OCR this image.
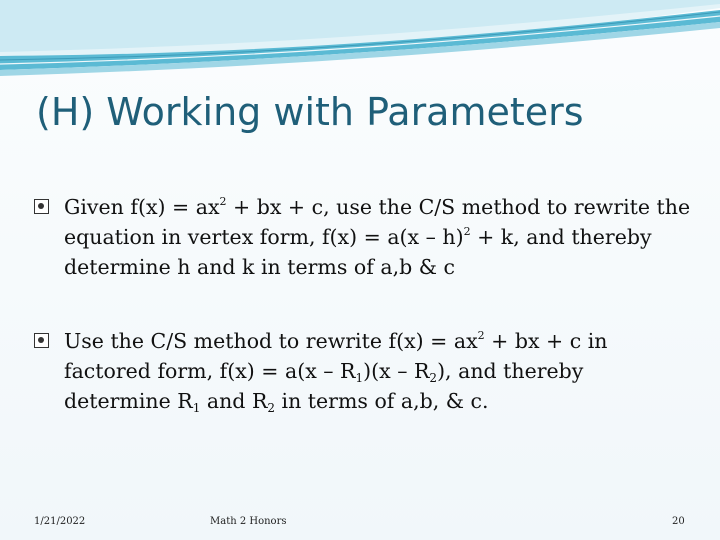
(H) Working with Parameters
Given $f(x) = ax^2$ + bx + c, use the C/S method to rewrite the equation in vertex form, f(x) = a(x – h)$^2$ + k, and thereby determine h and k in terms of a,b & c
Use the C/S method to rewrite $f(x) = ax^2$ + bx + c in factored form, $f(x) = a(x - R_1)(x - R_2)$, and thereby determine $R_1$ and $R_2$ in terms of a,b, & c.
1/21/2022	Math 2 Honors	20
